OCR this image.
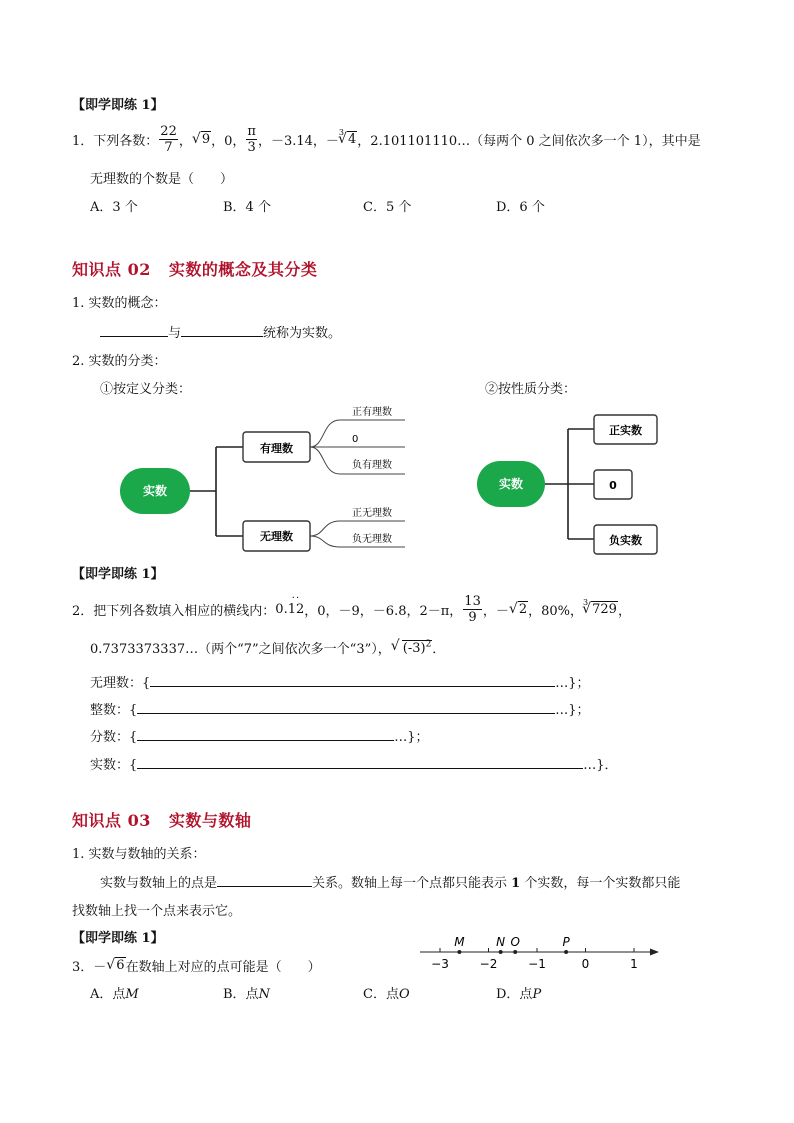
【即学即练 1】
1． 下列各数： $\frac{22}{7}$ ， √ 9 ，0， $\frac{\pi}{3}$ ，－3.14，－
3 √ 4 ，2.101101110…（每两个 0 之间依次多一个 1），其中是
无理数的个数是（　　）
A．3 个	B．4 个	C．5 个	D．6 个
知识点 02 实数的概念及其分类
1. 实数的概念：
与	统称为实数。
2. 实数的分类：
①按定义分类：	②按性质分类：
实数
有理数
无理数
正有理数
0
负有理数
正无理数
负无理数
实数
正实数
0
负实数
【即学即练 1】
2． 把下列各数填入相应的横线内： 0.
··
12 ，0，－9，－6.8，2－π， $\frac{13}{9}$ ，－ √ 2 ，80%，
3 √ 729 ，
0.7373373337…（两个“7”之间依次多一个“3”）， √ $(-3)^2$ ．
无理数：{	…}；
整数：{	…}；
分数：{	…}；
实数：{	…}．
知识点 03 实数与数轴
1. 实数与数轴的关系：
实数与数轴上的点是	关系。数轴上每一个点都只能表示 1 个实数，每一个实数都只能
找数轴上找一个点来表示它。
【即学即练 1】
3． － √ 6 在数轴上对应的点可能是（　　）	−3	−2	−1	0	1
M	N O	P
A．点M	B．点N	C．点O	D．点P
